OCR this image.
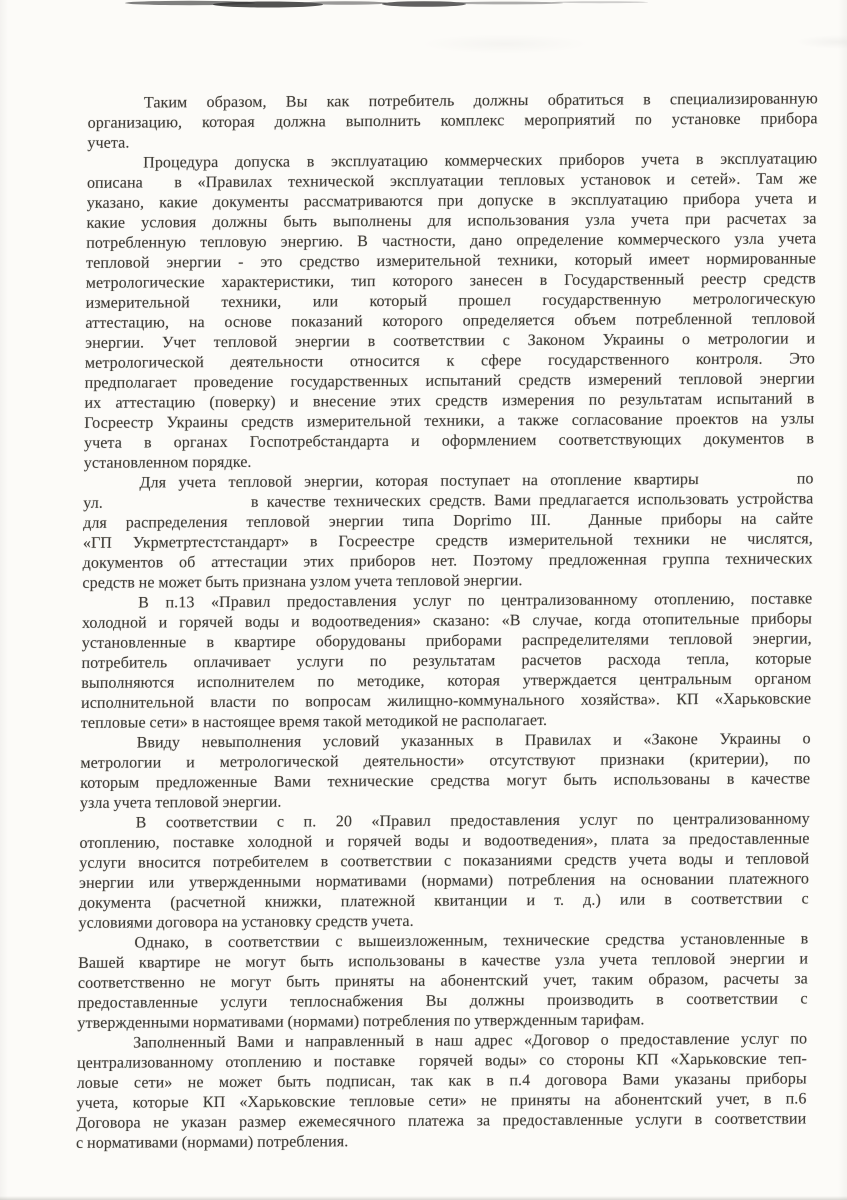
Таким образом, Вы как потребитель должны обратиться в специализированную
организацию, которая должна выполнить комплекс мероприятий по установке прибора
учета.
Процедура допуска в эксплуатацию коммерческих приборов учета в эксплуатацию
описана  в «Правилах технической эксплуатации тепловых установок и сетей». Там же
указано, какие документы рассматриваются при допуске в эксплуатацию прибора учета и
какие условия должны быть выполнены для использования узла учета при расчетах за
потребленную тепловую энергию. В частности, дано определение коммерческого узла учета
тепловой энергии - это средство измерительной техники, который имеет нормированные
метрологические характеристики, тип которого занесен в Государственный реестр средств
измерительной техники, или который прошел государственную метрологическую
аттестацию, на основе показаний которого определяется объем потребленной тепловой
энергии. Учет тепловой энергии в соответствии с Законом Украины о метрологии и
метрологической деятельности относится к сфере государственного контроля. Это
предполагает проведение государственных испытаний средств измерений тепловой энергии
их аттестацию (поверку) и внесение этих средств измерения по результатам испытаний в
Госреестр Украины средств измерительной техники, а также согласование проектов на узлы
учета в органах Госпотребстандарта и оформлением соответствующих документов в
установленном порядке.
Для учета тепловой энергии, которая поступает на отопление квартиры        по
ул.                  в качестве технических средств. Вами предлагается использовать устройства
для распределения тепловой энергии типа Doprimo III.  Данные приборы на сайте
«ГП Укрметртестстандарт» в Госреестре средств измерительной техники не числятся,
документов об аттестации этих приборов нет. Поэтому предложенная группа технических
средств не может быть признана узлом учета тепловой энергии.
В п.13 «Правил предоставления услуг по централизованному отоплению, поставке
холодной и горячей воды и водоотведения» сказано: «В случае, когда отопительные приборы
установленные в квартире оборудованы приборами распределителями тепловой энергии,
потребитель оплачивает услуги по результатам расчетов расхода тепла, которые
выполняются исполнителем по методике, которая утверждается центральным органом
исполнительной власти по вопросам жилищно-коммунального хозяйства». КП «Харьковские
тепловые сети» в настоящее время такой методикой не располагает.
Ввиду невыполнения условий указанных в Правилах и «Законе Украины о
метрологии и метрологической деятельности» отсутствуют признаки (критерии), по
которым предложенные Вами технические средства могут быть использованы в качестве
узла учета тепловой энергии.
В соответствии с п. 20 «Правил предоставления услуг по централизованному
отоплению, поставке холодной и горячей воды и водоотведения», плата за предоставленные
услуги вносится потребителем в соответствии с показаниями средств учета воды и тепловой
энергии или утвержденными нормативами (нормами) потребления на основании платежного
документа (расчетной книжки, платежной квитанции и т. д.) или в соответствии с
условиями договора на установку средств учета.
Однако, в соответствии с вышеизложенным, технические средства установленные в
Вашей квартире не могут быть использованы в качестве узла учета тепловой энергии и
соответственно не могут быть приняты на абонентский учет, таким образом, расчеты за
предоставленные услуги теплоснабжения Вы должны производить в соответствии с
утвержденными нормативами (нормами) потребления по утвержденным тарифам.
Заполненный Вами и направленный в наш адрес «Договор о предоставление услуг по
централизованному отоплению и поставке  горячей воды» со стороны КП «Харьковские теп-
ловые сети» не может быть подписан, так как в п.4 договора Вами указаны приборы
учета, которые КП «Харьковские тепловые сети» не приняты на абонентский учет, в п.6
Договора не указан размер ежемесячного платежа за предоставленные услуги в соответствии
с нормативами (нормами) потребления.
